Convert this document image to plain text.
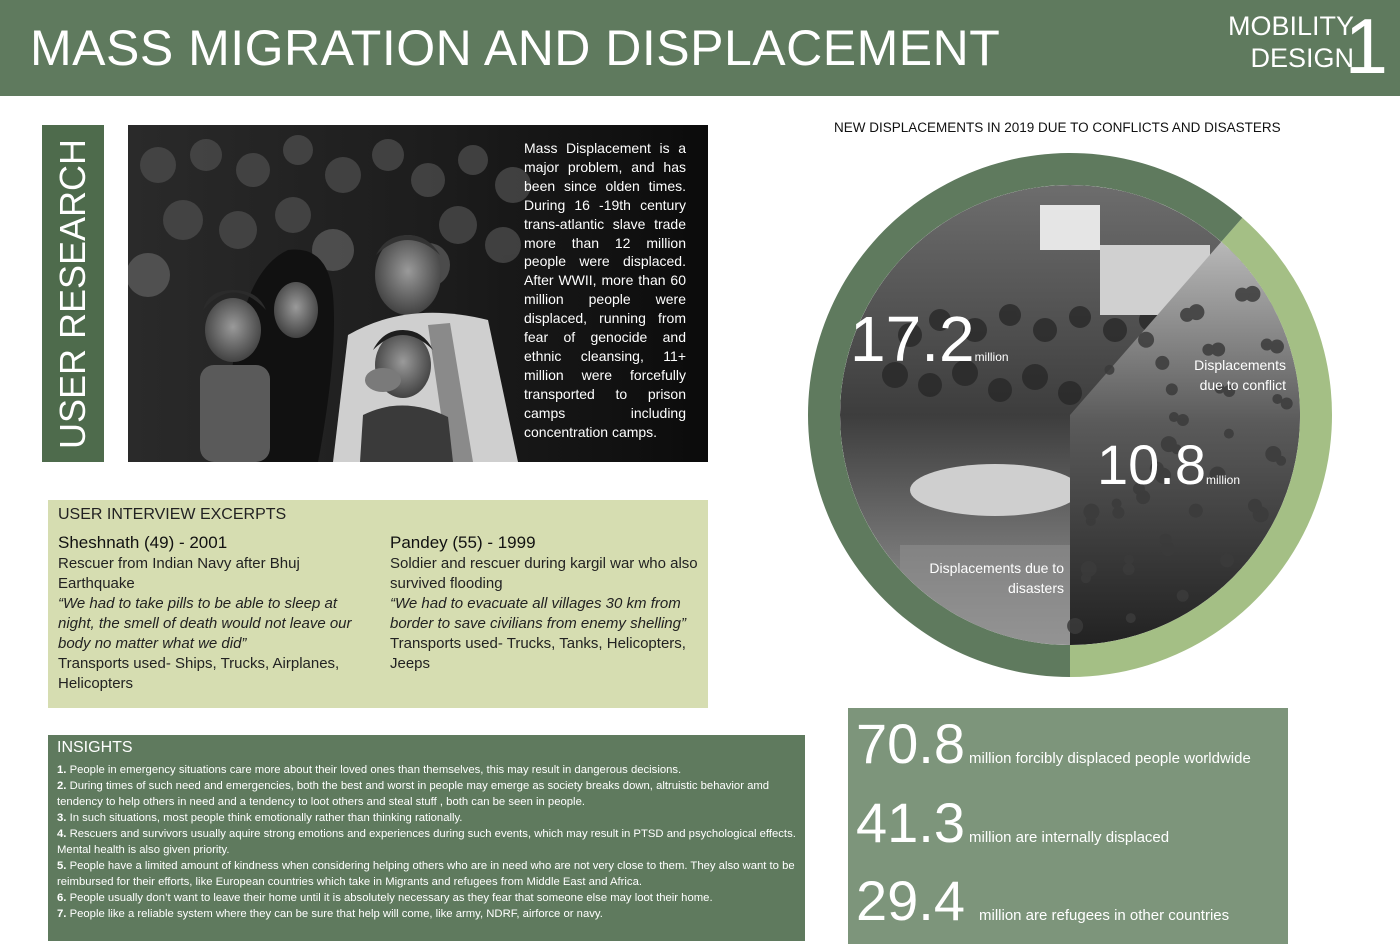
MASS MIGRATION AND DISPLACEMENT	MOBILITY
DESIGN
1
USER RESEARCH	Mass Displacement is a major problem, and has been since olden times. During 16 -19th century trans-atlantic slave trade more than 12 million people were displaced. After WWII, more than 60 million people were displaced, running from fear of genocide and ethnic cleansing, 11+ million were forcefully transported to prison camps including concentration camps.
USER INTERVIEW EXCERPTS
Sheshnath (49) - 2001
Rescuer from Indian Navy after Bhuj Earthquake
“We had to take pills to be able to sleep at night, the smell of death would not leave our body no matter what we did”
Transports used- Ships, Trucks, Airplanes, Helicopters
Pandey (55) - 1999
Soldier and rescuer during kargil war who also survived flooding
“We had to evacuate all villages 30 km from border to save civilians from enemy shelling”
Transports used- Trucks, Tanks, Helicopters, Jeeps
INSIGHTS
1. People in emergency situations care more about their loved ones than themselves, this may result in dangerous decisions.
2. During times of such need and emergencies, both the best and worst in people may emerge as society breaks down, altruistic behavior amd tendency to help others in need and a tendency to loot others and steal stuff , both can be seen in people.
3. In such situations, most people think emotionally rather than thinking rationally.
4. Rescuers and survivors usually aquire strong emotions and experiences during such events, which may result in PTSD and psychological effects. Mental health is also given priority.
5. People have a limited amount of kindness when considering helping others who are in need who are not very close to them. They also want to be reimbursed for their efforts, like European countries which take in Migrants and refugees from Middle East and Africa.
6. People usually don’t want to leave their home until it is absolutely necessary as they fear that someone else may loot their home.
7. People like a reliable system where they can be sure that help will come, like army, NDRF, airforce or navy.
NEW DISPLACEMENTS IN 2019 DUE TO CONFLICTS AND DISASTERS
17.2million
10.8million
Displacements due to conflict
Displacements due to disasters
70.8 million forcibly displaced people worldwide
41.3 million are internally displaced
29.4 million are refugees in other countries
